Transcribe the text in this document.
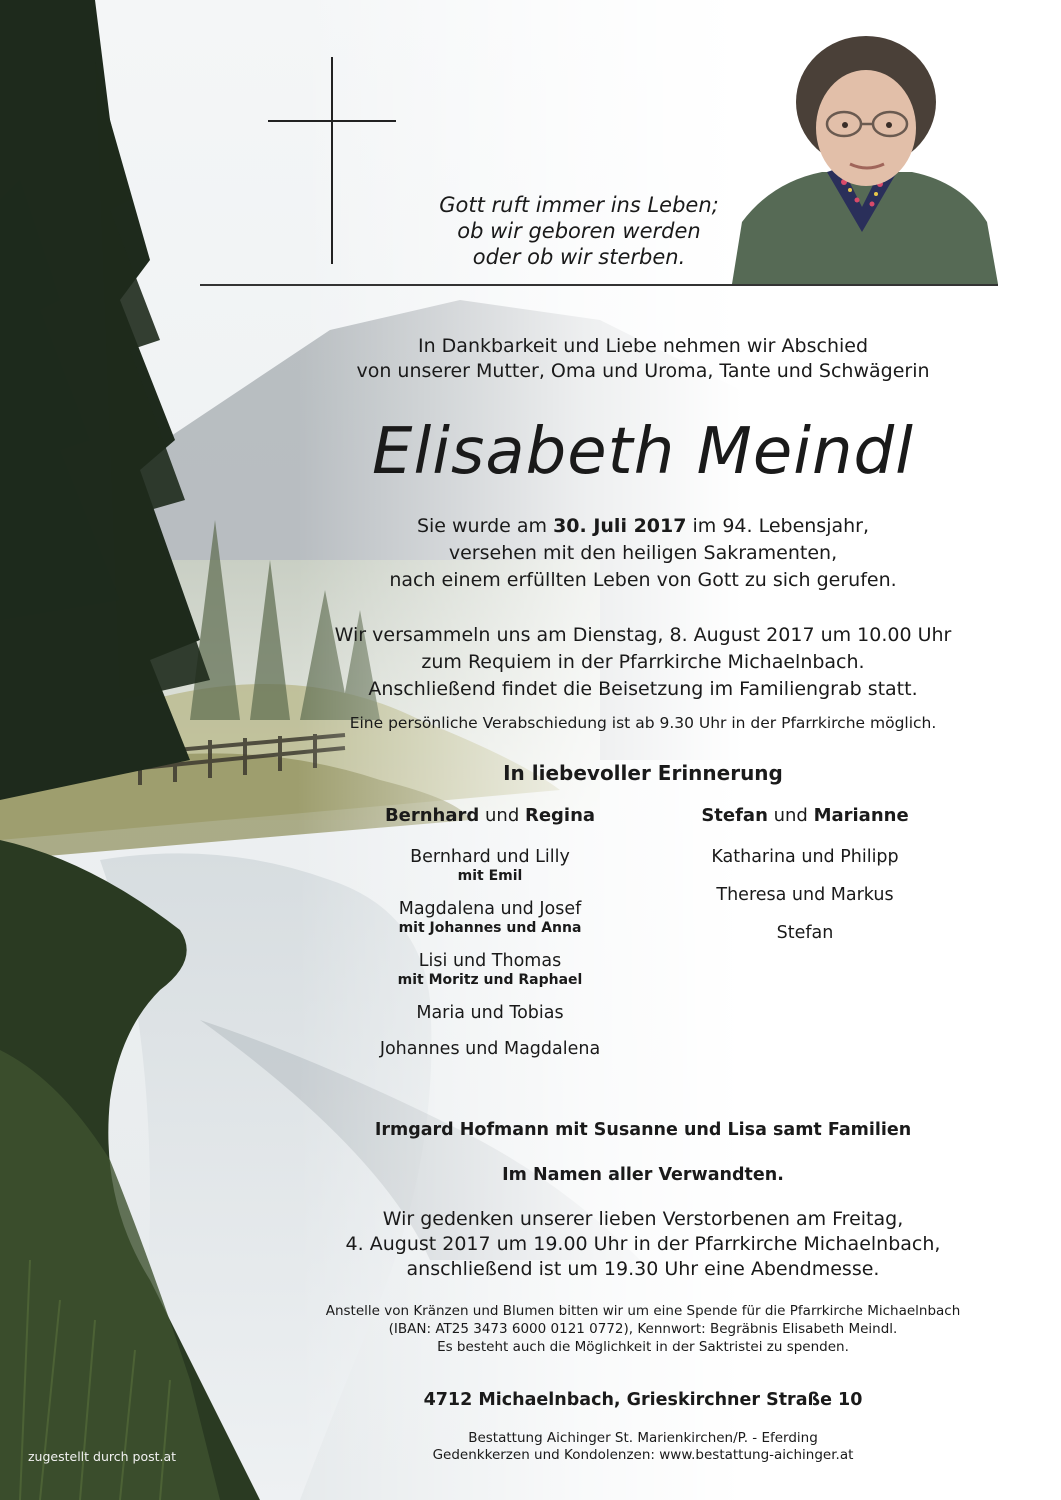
Gott ruft immer ins Leben;
ob wir geboren werden
oder ob wir sterben.
In Dankbarkeit und Liebe nehmen wir Abschied
von unserer Mutter, Oma und Uroma, Tante und Schwägerin
Elisabeth Meindl
Sie wurde am 30. Juli 2017 im 94. Lebensjahr,
versehen mit den heiligen Sakramenten,
nach einem erfüllten Leben von Gott zu sich gerufen.
Wir versammeln uns am Dienstag, 8. August 2017 um 10.00 Uhr
zum Requiem in der Pfarrkirche Michaelnbach.
Anschließend findet die Beisetzung im Familiengrab statt.
Eine persönliche Verabschiedung ist ab 9.30 Uhr in der Pfarrkirche möglich.
In liebevoller Erinnerung
Bernhard und Regina
Bernhard und Lilly
mit Emil
Magdalena und Josef
mit Johannes und Anna
Lisi und Thomas
mit Moritz und Raphael
Maria und Tobias
Johannes und Magdalena
Stefan und Marianne
Katharina und Philipp
Theresa und Markus
Stefan
Irmgard Hofmann mit Susanne und Lisa samt Familien
Im Namen aller Verwandten.
Wir gedenken unserer lieben Verstorbenen am Freitag,
4. August 2017 um 19.00 Uhr in der Pfarrkirche Michaelnbach,
anschließend ist um 19.30 Uhr eine Abendmesse.
Anstelle von Kränzen und Blumen bitten wir um eine Spende für die Pfarrkirche Michaelnbach
(IBAN: AT25 3473 6000 0121 0772), Kennwort: Begräbnis Elisabeth Meindl.
Es besteht auch die Möglichkeit in der Saktristei zu spenden.
4712 Michaelnbach, Grieskirchner Straße 10
Bestattung Aichinger St. Marienkirchen/P. - Eferding
Gedenkkerzen und Kondolenzen: www.bestattung-aichinger.at
zugestellt durch post.at
